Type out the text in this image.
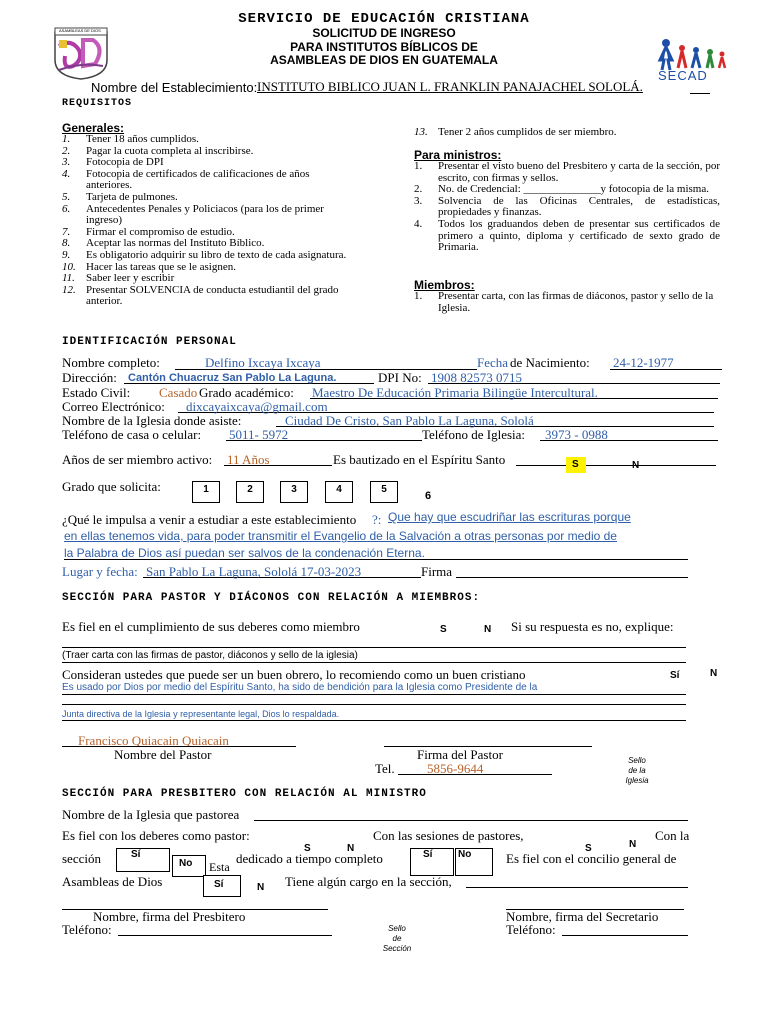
SERVICIO DE EDUCACIÓN CRISTIANA
SOLICITUD DE INGRESO
PARA INSTITUTOS BÍBLICOS DE
ASAMBLEAS DE DIOS EN GUATEMALA
ASAMBLEAS DE DIOS
SECAD
Nombre del Establecimiento: INSTITUTO BIBLICO JUAN L. FRANKLIN PANAJACHEL SOLOLÁ.
REQUISITOS
Generales:
1.	Tener 18 años cumplidos.
2.	Pagar la cuota completa al inscribirse.
3.	Fotocopia de DPI
4.	Fotocopia de certificados de calificaciones de años anteriores.
5.	Tarjeta de pulmones.
6.	Antecedentes Penales y Policiacos (para los de primer ingreso)
7.	Firmar el compromiso de estudio.
8.	Aceptar las normas del Instituto Bíblico.
9.	Es obligatorio adquirir su libro de texto de cada asignatura.
10. Hacer las tareas que se le asignen.
11.	Saber leer y escribir
12. Presentar SOLVENCIA de conducta estudiantil del grado anterior.
13. Tener 2 años cumplidos de ser miembro.
Para ministros:
1.	Presentar el visto bueno del Presbitero y carta de la sección, por escrito, con firmas y sellos.
2.	No. de Credencial: ______________y fotocopia de la misma.
3.	Solvencia de las Oficinas Centrales, de estadísticas, propiedades y finanzas.
4.	Todos los graduandos deben de presentar sus certificados de primero a quinto, diploma y certificado de sexto grado de Primaria.
Miembros:
1.	Presentar carta, con las firmas de diáconos, pastor y sello de la Iglesia.
IDENTIFICACIÓN PERSONAL
Nombre completo:	Delfino Ixcaya Ixcaya	Fecha de Nacimiento: 24-12-1977
Dirección: Cantón Chuacruz San Pablo La Laguna.	DPI No: 1908 82573 0715
Estado Civil: Casado Grado académico: Maestro De Educación Primaria Bilingüe Intercultural.
Correo Electrónico: dixcayaixcaya@gmail.com
Nombre de la Iglesia donde asiste:	Ciudad De Cristo, San Pablo La Laguna, Sololá
Teléfono de casa o celular: 5011- 5972	Teléfono de Iglesia: 3973 - 0988
Años de ser miembro activo: 11 Años	Es bautizado en el Espíritu Santo	S	N
Grado que solicita:	1	2	3	4	5
6
¿Qué le impulsa a venir a estudiar a este establecimiento ?: Que hay que escudriñar las escrituras porque
en ellas tenemos vida, para poder transmitir el Evangelio de la Salvación a otras personas por medio de
la Palabra de Dios así puedan ser salvos de la condenación Eterna.
Lugar y fecha: San Pablo La Laguna, Sololá 17-03-2023	Firma
SECCIÓN PARA PASTOR Y DIÁCONOS CON RELACIÓN A MIEMBROS:
Es fiel en el cumplimiento de sus deberes como miembro	S	N Si su respuesta es no, explique:
(Traer carta con las firmas de pastor, diáconos y sello de la iglesia)
Consideran ustedes que puede ser un buen obrero, lo recomiendo como un buen cristiano	Sí	N
Es usado por Dios por medio del Espíritu Santo, ha sido de bendición para la Iglesia como Presidente de la
Junta directiva de la Iglesia y representante legal, Dios lo respaldada.
Francisco Quiacain Quiacain
Nombre del Pastor	Firma del Pastor
Tel. 5856-9644
Sello
de la
Iglesia
SECCIÓN PARA PRESBITERO CON RELACIÓN AL MINISTRO
Nombre de la Iglesia que pastorea
Es fiel con los deberes como pastor:	Con las sesiones de pastores,	Con la
S	N	S	N
sección	Sí
No	Esta
dedicado a tiempo completo	Sí	No	Es fiel con el concilio general de
Asambleas de Dios	Sí	N Tiene algún cargo en la sección,
Nombre, firma del Presbitero
Teléfono:
Nombre, firma del Secretario
Teléfono:
Sello
de
Sección
